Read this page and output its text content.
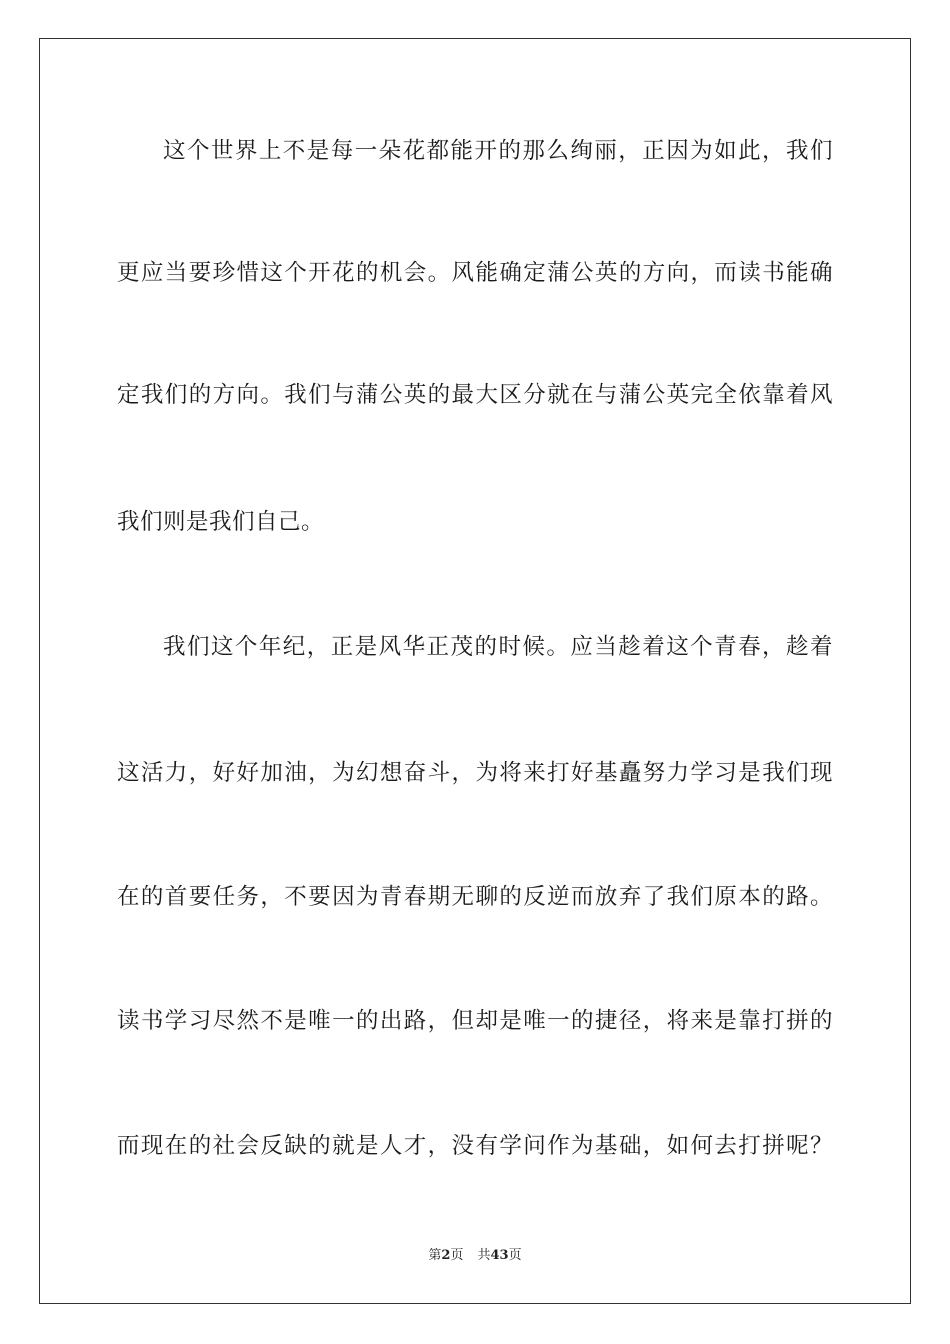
这个世界上不是每一朵花都能开的那么绚丽，正因为如此，我们
更应当要珍惜这个开花的机会。风能确定蒲公英的方向，而读书能确
定我们的方向。我们与蒲公英的最大区分就在与蒲公英完全依靠着风
我们则是我们自己。
我们这个年纪，正是风华正茂的时候。应当趁着这个青春，趁着
这活力，好好加油，为幻想奋斗，为将来打好基矗努力学习是我们现
在的首要任务，不要因为青春期无聊的反逆而放弃了我们原本的路。
读书学习尽然不是唯一的出路，但却是唯一的捷径，将来是靠打拼的
而现在的社会反缺的就是人才，没有学问作为基础，如何去打拼呢？
第2页 共43页
